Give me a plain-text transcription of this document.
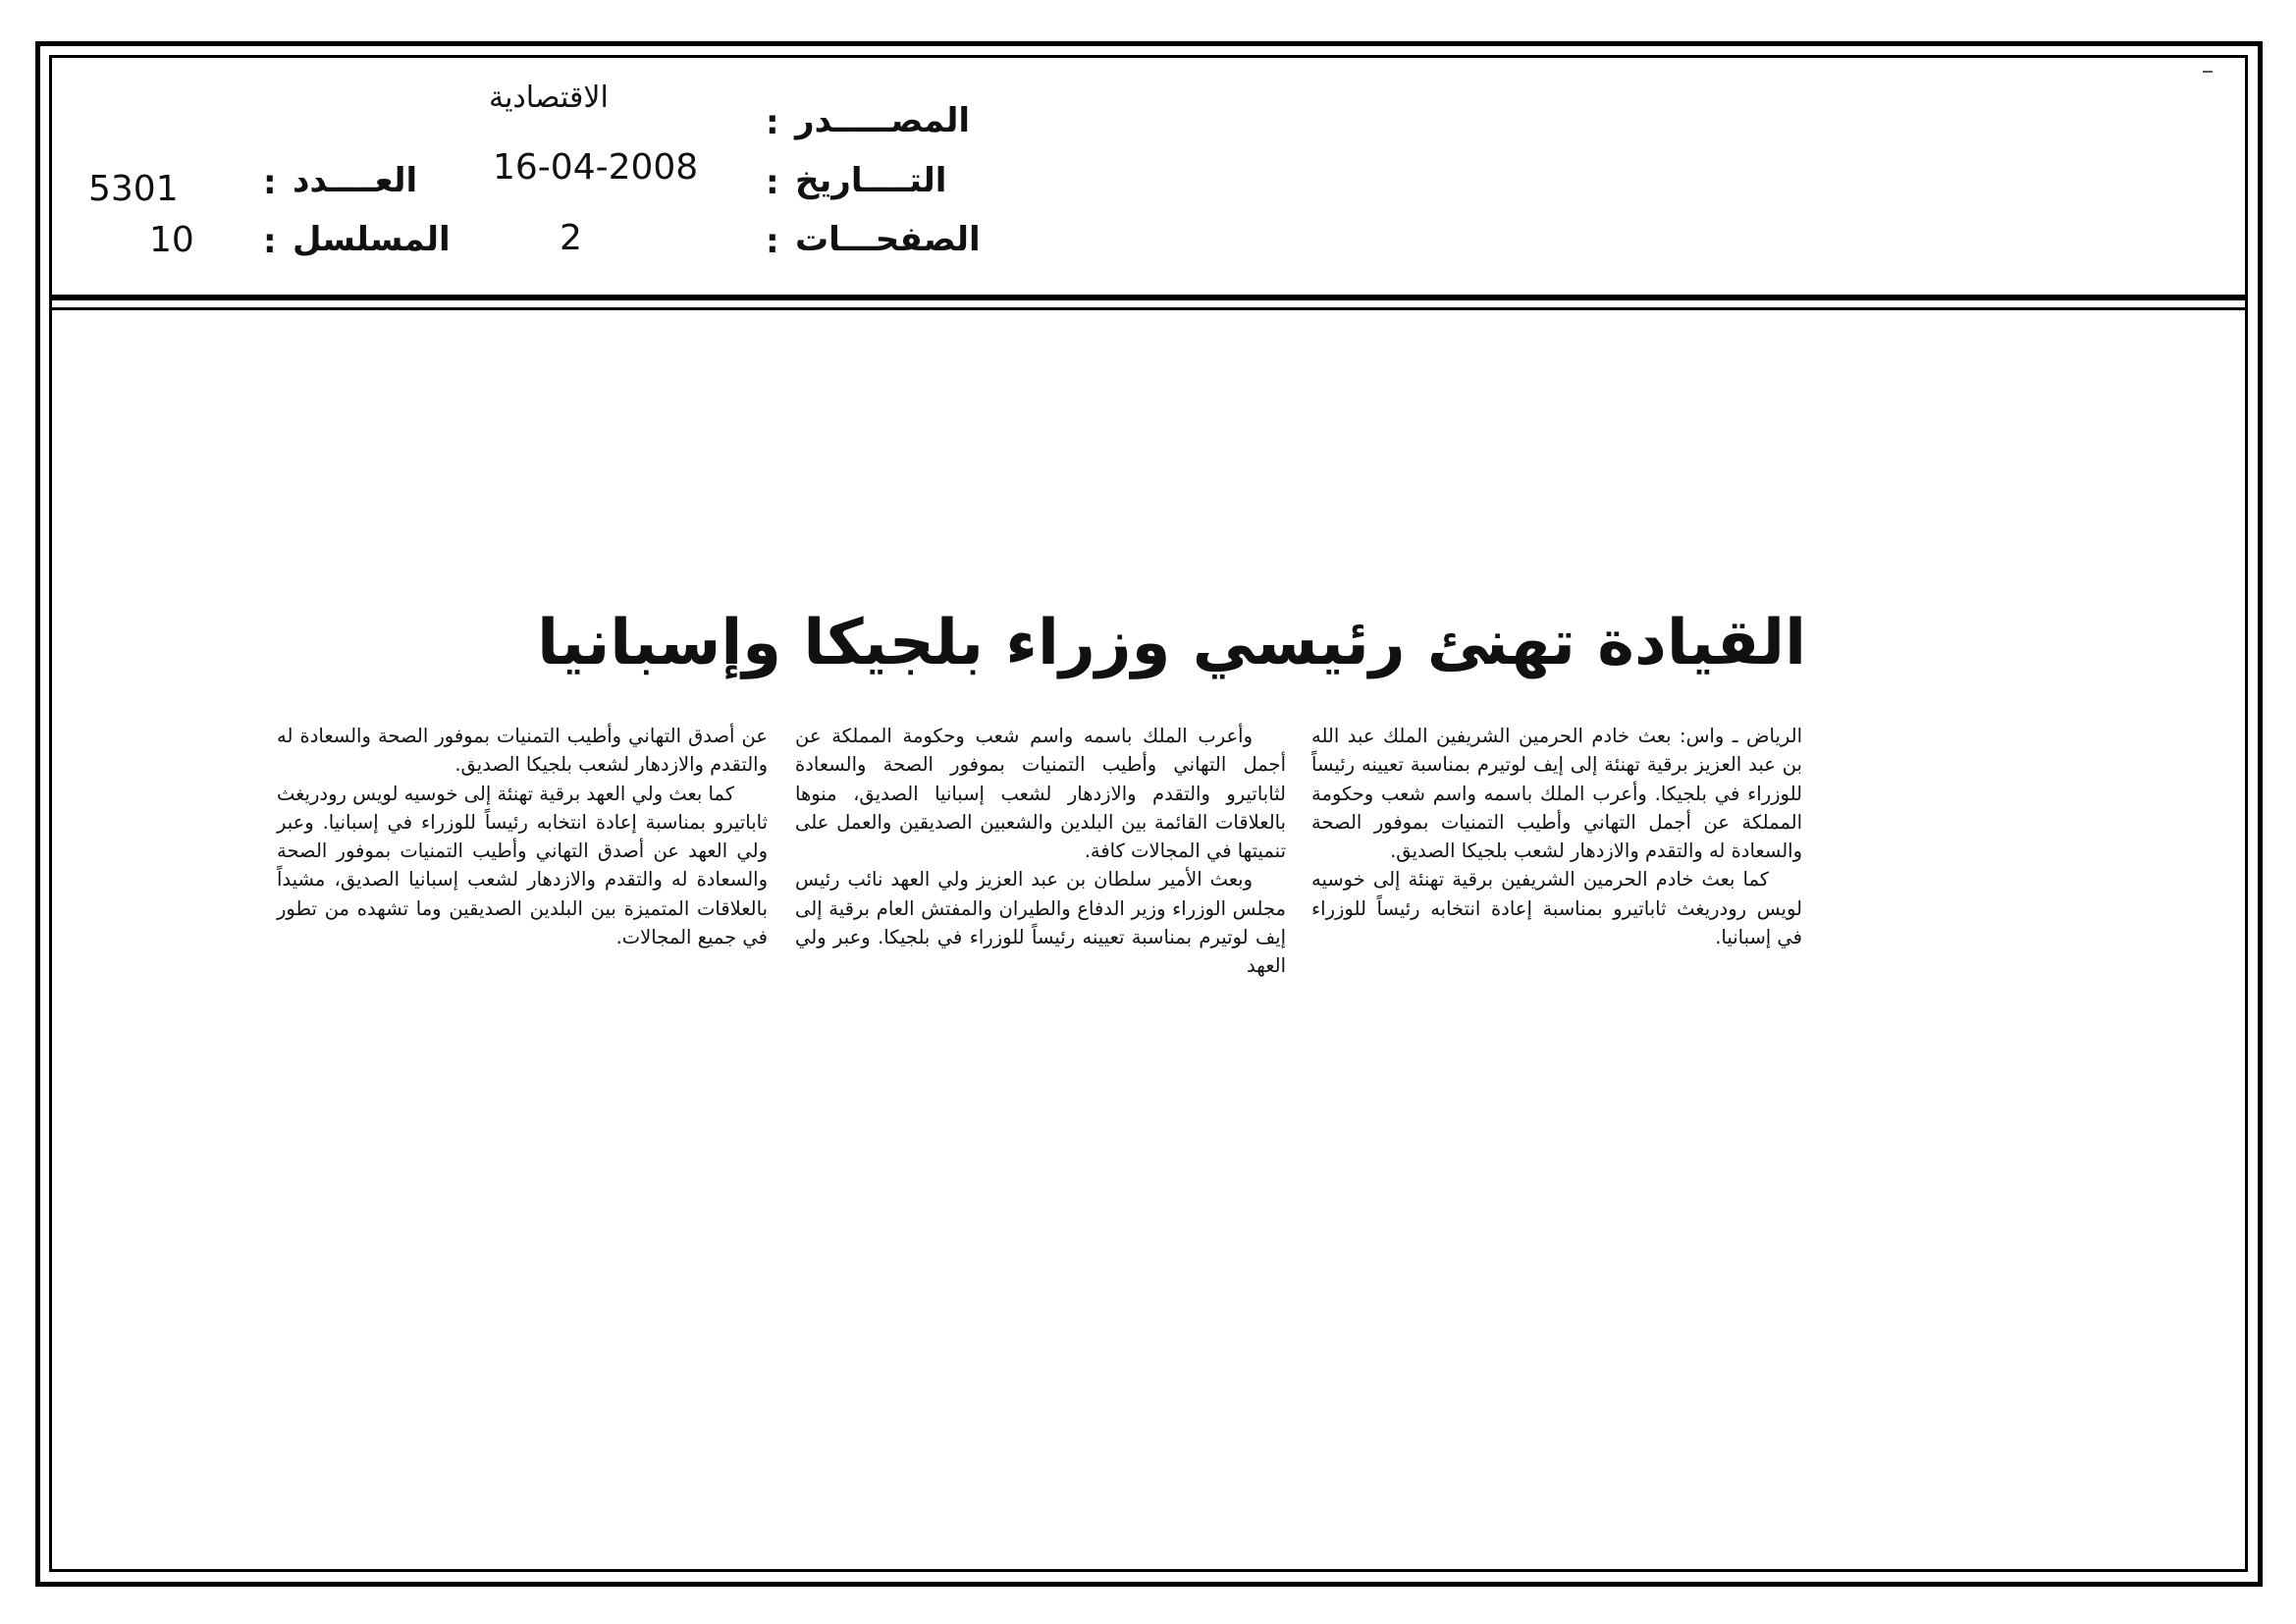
المصـــــدر
:
الاقتصادية
التــــاريخ
:
16-04-2008
الصفحـــات
:
2
العــــدد
:
5301
المسلسل
:
10
القيادة تهنئ رئيسي وزراء بلجيكا وإسبانيا

الرياض ـ واس: بعث خادم الحرمين الشريفين الملك عبد الله بن عبد العزيز برقية تهنئة إلى إيف لوتيرم بمناسبة تعيينه رئيساً للوزراء في بلجيكا. وأعرب الملك باسمه واسم شعب وحكومة المملكة عن أجمل التهاني وأطيب التمنيات بموفور الصحة والسعادة له والتقدم والازدهار لشعب بلجيكا الصديق.

كما بعث خادم الحرمين الشريفين برقية تهنئة إلى خوسيه لويس رودريغث ثاباتيرو بمناسبة إعادة انتخابه رئيساً للوزراء في إسبانيا.

وأعرب الملك باسمه واسم شعب وحكومة المملكة عن أجمل التهاني وأطيب التمنيات بموفور الصحة والسعادة لثاباتيرو والتقدم والازدهار لشعب إسبانيا الصديق، منوها بالعلاقات القائمة بين البلدين والشعبين الصديقين والعمل على تنميتها في المجالات كافة.

وبعث الأمير سلطان بن عبد العزيز ولي العهد نائب رئيس مجلس الوزراء وزير الدفاع والطيران والمفتش العام برقية إلى إيف لوتيرم بمناسبة تعيينه رئيساً للوزراء في بلجيكا. وعبر ولي العهد

عن أصدق التهاني وأطيب التمنيات بموفور الصحة والسعادة له والتقدم والازدهار لشعب بلجيكا الصديق.

كما بعث ولي العهد برقية تهنئة إلى خوسيه لويس رودريغث ثاباتيرو بمناسبة إعادة انتخابه رئيساً للوزراء في إسبانيا. وعبر ولي العهد عن أصدق التهاني وأطيب التمنيات بموفور الصحة والسعادة له والتقدم والازدهار لشعب إسبانيا الصديق، مشيداً بالعلاقات المتميزة بين البلدين الصديقين وما تشهده من تطور في جميع المجالات.
